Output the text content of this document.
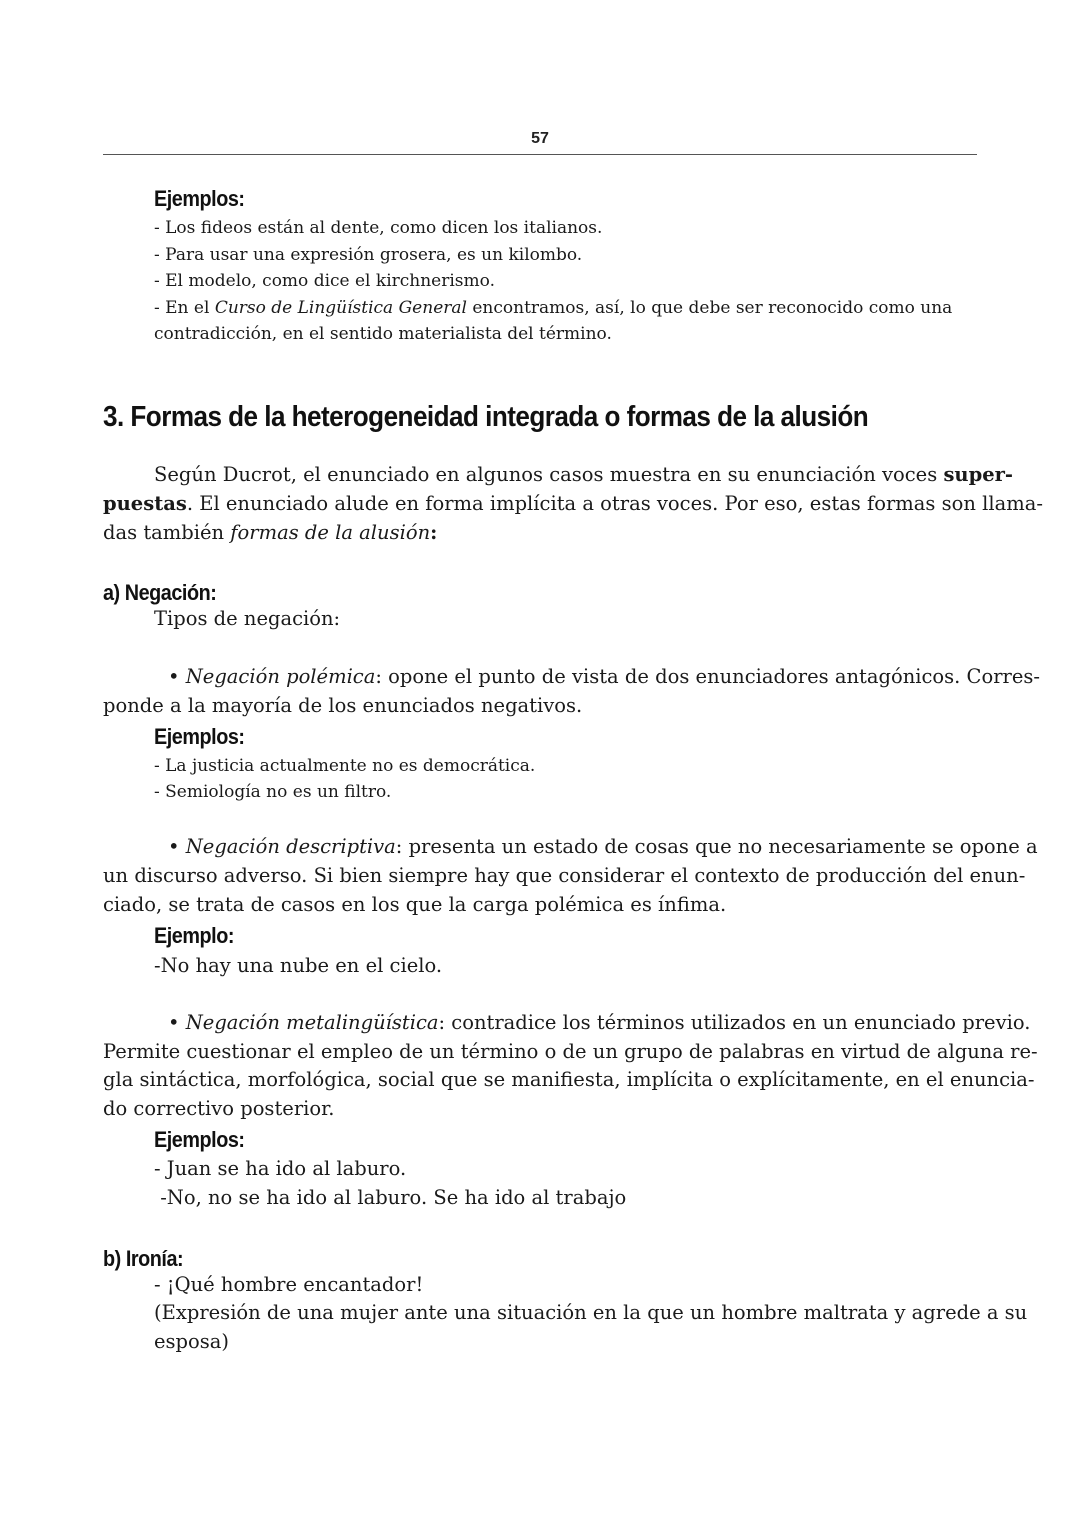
57
Ejemplos:
- Los fideos están al dente, como dicen los italianos.
- Para usar una expresión grosera, es un kilombo.
- El modelo, como dice el kirchnerismo.
- En el Curso de Lingüística General encontramos, así, lo que debe ser reconocido como una
contradicción, en el sentido materialista del término.
3. Formas de la heterogeneidad integrada o formas de la alusión
Según Ducrot, el enunciado en algunos casos muestra en su enunciación voces super-
puestas. El enunciado alude en forma implícita a otras voces. Por eso, estas formas son llama-
das también formas de la alusión:
a) Negación:
Tipos de negación:
• Negación polémica: opone el punto de vista de dos enunciadores antagónicos. Corres-
ponde a la mayoría de los enunciados negativos.
Ejemplos:
- La justicia actualmente no es democrática.
- Semiología no es un filtro.
• Negación descriptiva: presenta un estado de cosas que no necesariamente se opone a
un discurso adverso. Si bien siempre hay que considerar el contexto de producción del enun-
ciado, se trata de casos en los que la carga polémica es ínfima.
Ejemplo:
-No hay una nube en el cielo.
• Negación metalingüística: contradice los términos utilizados en un enunciado previo.
Permite cuestionar el empleo de un término o de un grupo de palabras en virtud de alguna re-
gla sintáctica, morfológica, social que se manifiesta, implícita o explícitamente, en el enuncia-
do correctivo posterior.
Ejemplos:
- Juan se ha ido al laburo.
-No, no se ha ido al laburo. Se ha ido al trabajo
b) Ironía:
- ¡Qué hombre encantador!
(Expresión de una mujer ante una situación en la que un hombre maltrata y agrede a su
esposa)
